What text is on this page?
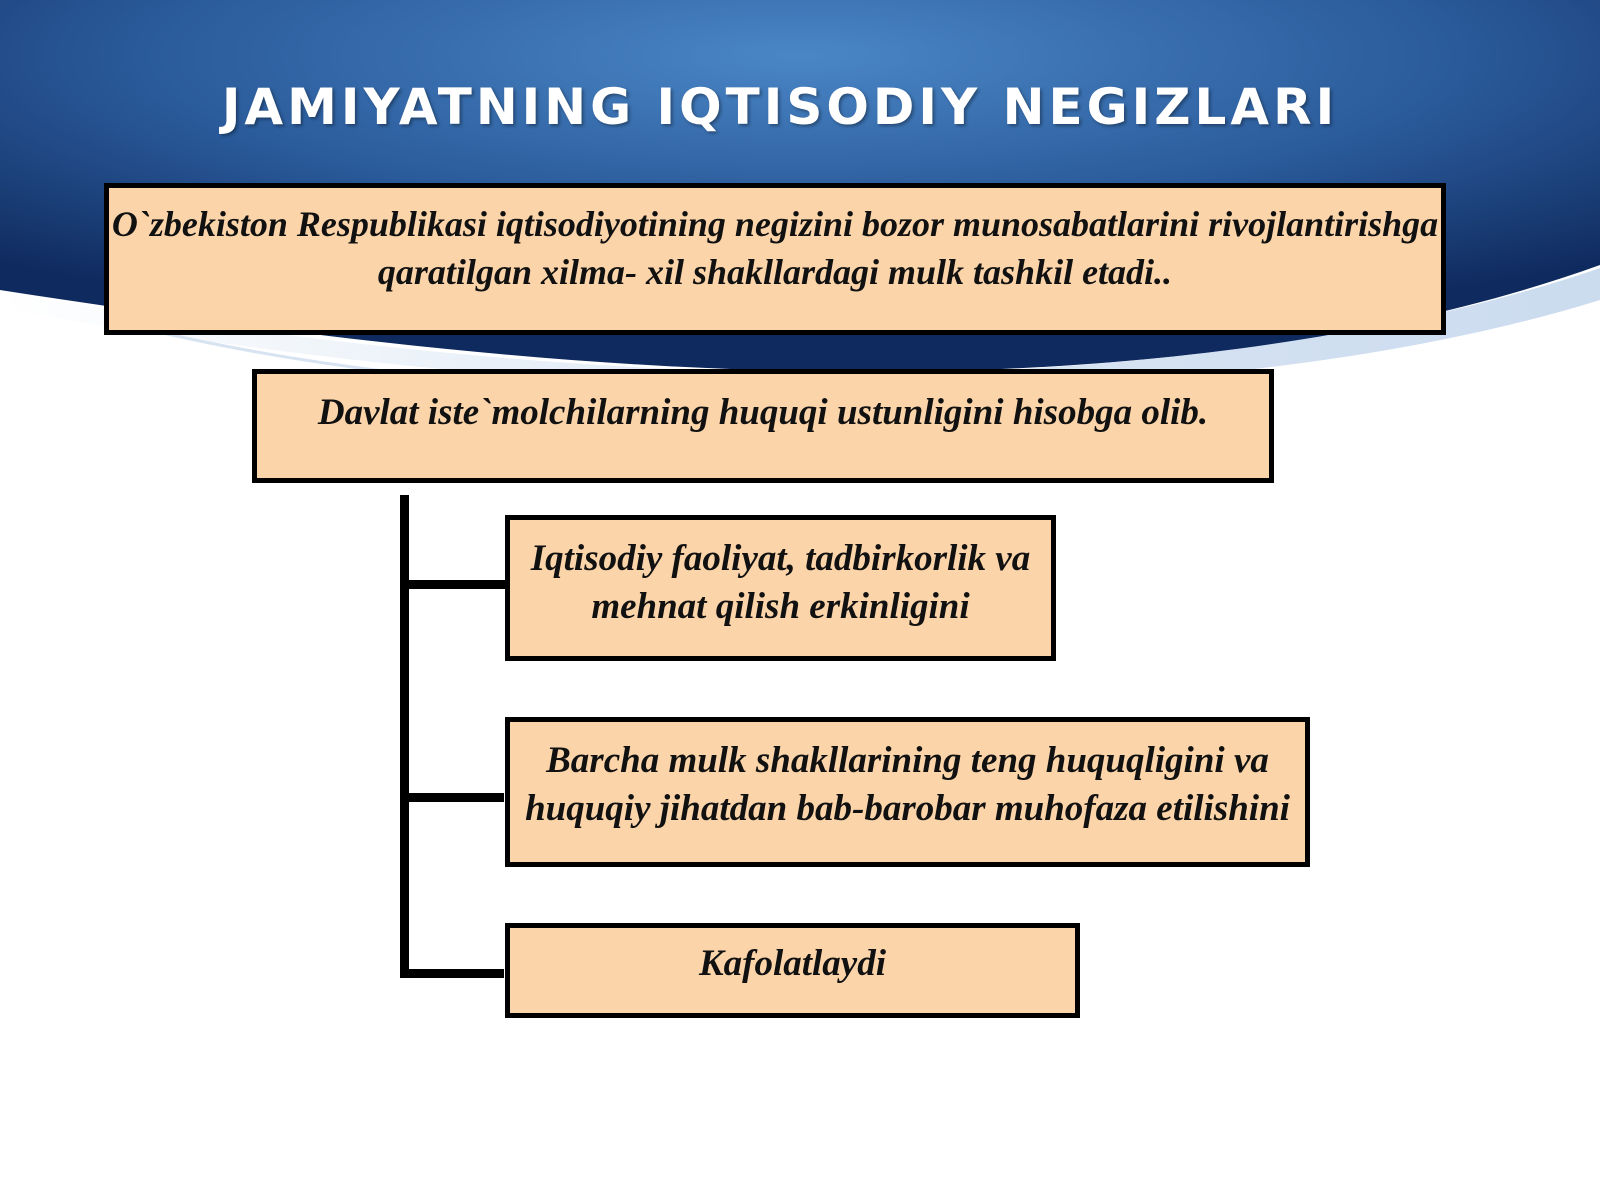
JAMIYATNING IQTISODIY NEGIZLARI
O`zbekiston Respublikasi iqtisodiyotining negizini bozor munosabatlarini rivojlantirishga qaratilgan xilma- xil shakllardagi mulk tashkil etadi..
Davlat iste`molchilarning huquqi ustunligini hisobga olib.
Iqtisodiy faoliyat, tadbirkorlik va mehnat qilish erkinligini
Barcha mulk shakllarining teng huquqligini va huquqiy jihatdan bab-barobar muhofaza etilishini
Kafolatlaydi
